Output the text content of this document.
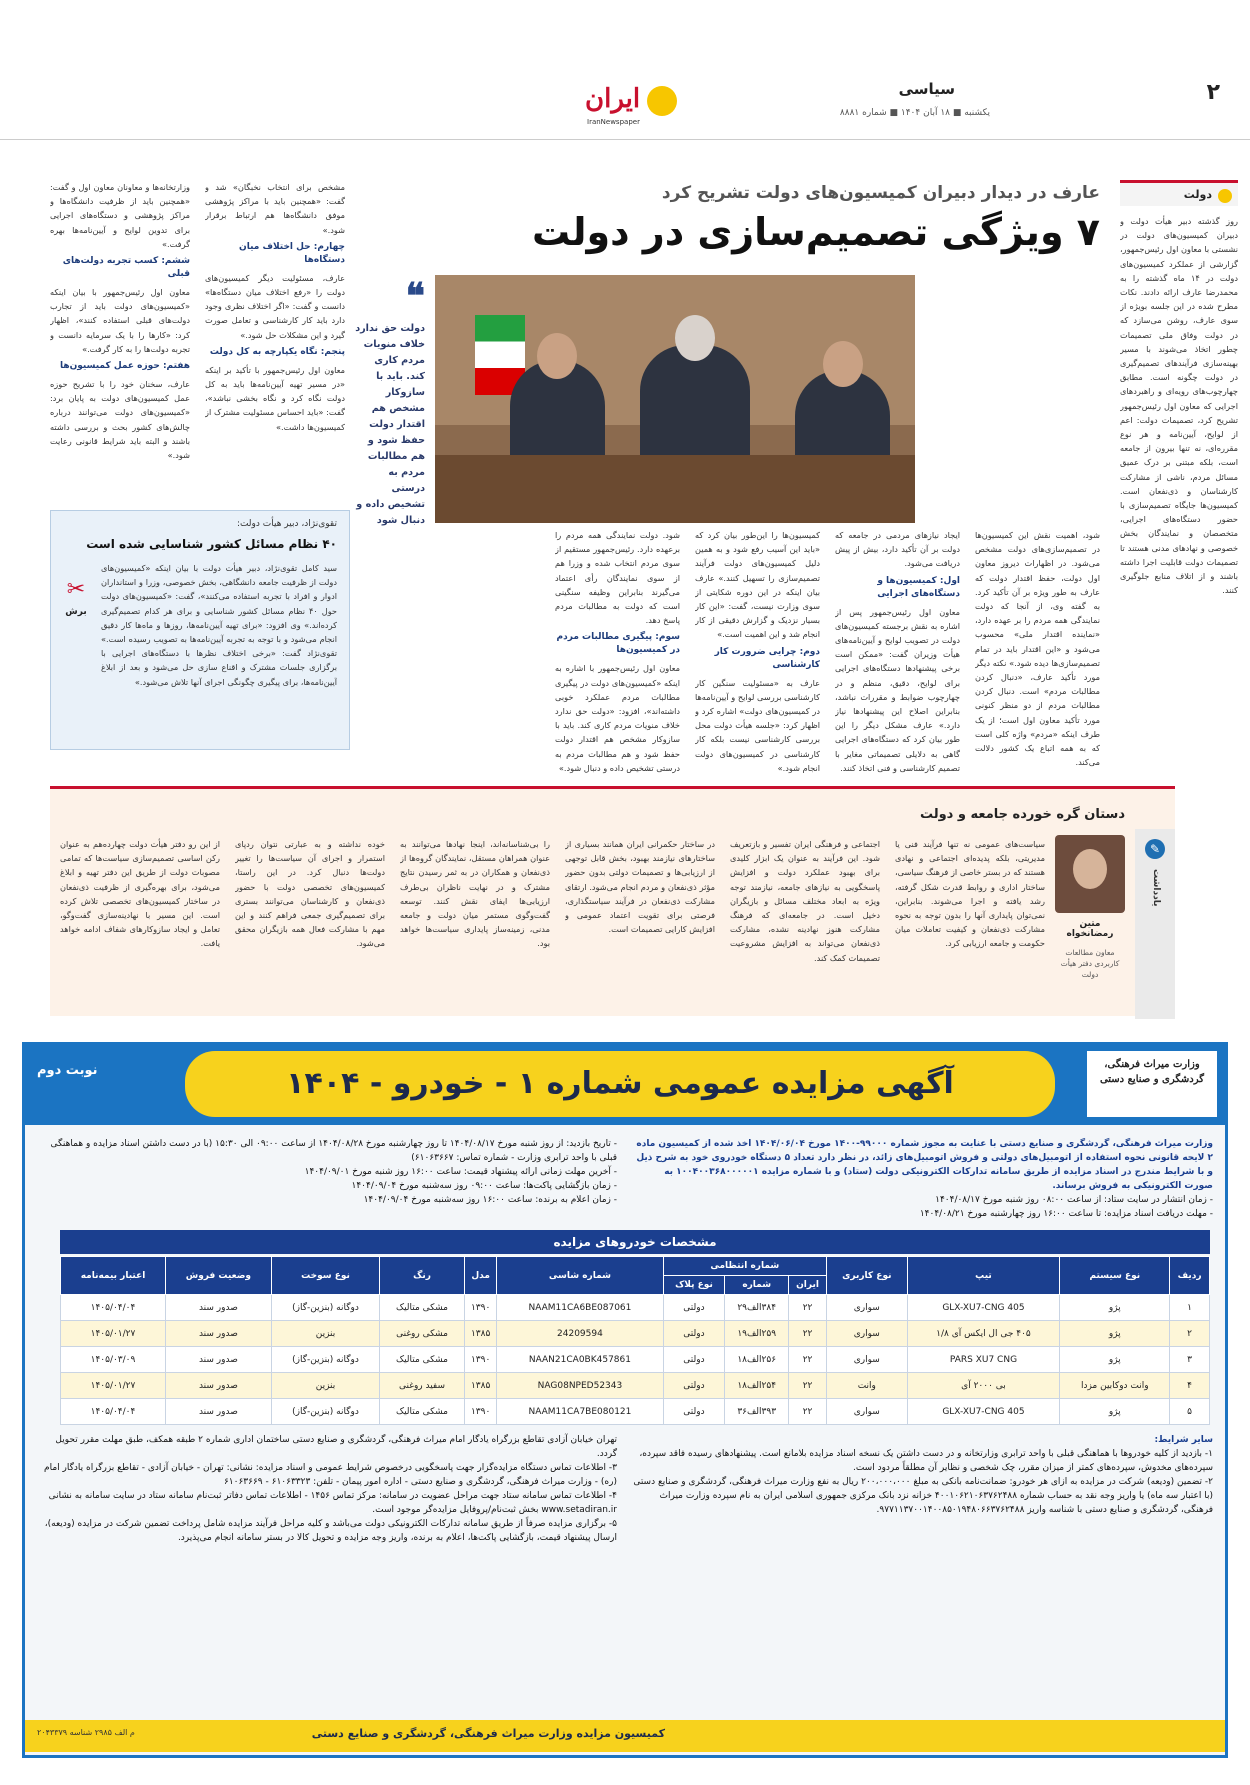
۲
سیاسی
یکشنبه ■ ۱۸ آبان ۱۴۰۴ ■ شماره ۸۸۸۱
ایران
IranNewspaper
دولت
روز گذشته دبیر هیأت دولت و دبیران کمیسیون‌های دولت در نشستی با معاون اول رئیس‌جمهور، گزارشی از عملکرد کمیسیون‌های دولت در ۱۴ ماه گذشته را به محمدرضا عارف ارائه دادند. نکات مطرح شده در این جلسه بویژه از سوی عارف، روشن می‌سازد که در دولت وفاق ملی تصمیمات چطور اتخاذ می‌شوند با مسیر بهینه‌سازی فرآیندهای تصمیم‌گیری در دولت چگونه است. مطابق چهارچوب‌های رویه‌ای و راهبردهای اجرایی که معاون اول رئیس‌جمهور تشریح کرد، تصمیمات دولت: اعم از لوایح، آیین‌نامه و هر نوع مقرره‌ای، نه تنها بیرون از جامعه است، بلکه مبتنی بر درک عمیق مسائل مردم، ناشی از مشارکت کارشناسان و ذی‌نفعان است. کمیسیون‌ها جایگاه تصمیم‌سازی با حضور دستگاه‌های اجرایی، متخصصان و نمایندگان بخش خصوصی و نهادهای مدنی هستند تا تصمیمات دولت قابلیت اجرا داشته باشند و از اتلاف منابع جلوگیری کنند.
عارف در دیدار دبیران کمیسیون‌های دولت تشریح کرد
۷ ویژگی تصمیم‌سازی در دولت
❝
دولت حق ندارد خلاف منویات مردم کاری کند. باید با سازوکار مشخص هم اقتدار دولت حفظ شود و هم مطالبات مردم به درستی تشخیص داده و دنبال شود
شود، اهمیت نقش این کمیسیون‌ها در تصمیم‌سازی‌های دولت مشخص می‌شود. در اظهارات دیروز معاون اول دولت، حفظ اقتدار دولت که عارف به طور ویژه بر آن تأکید کرد. به گفته وی، از آنجا که دولت نمایندگی همه مردم را بر عهده دارد، «نماینده اقتدار ملی» محسوب می‌شود و «این اقتدار باید در تمام تصمیم‌سازی‌ها دیده شود.» نکته دیگر مورد تأکید عارف، «دنبال کردن مطالبات مردم» است. دنبال کردن مطالبات مردم از دو منظر کنونی مورد تأکید معاون اول است؛ از یک طرف اینکه «مردم» واژه کلی است که به همه اتباع یک کشور دلالت می‌کند.
ایجاد نیازهای مردمی در جامعه که دولت بر آن تأکید دارد، بیش از پیش دریافت می‌شود.
اول: کمیسیون‌ها و دستگاه‌های اجرایی
معاون اول رئیس‌جمهور پس از اشاره به نقش برجسته کمیسیون‌های دولت در تصویب لوایح و آیین‌نامه‌های هیأت وزیران گفت: «ممکن است برخی پیشنهادها دستگاه‌های اجرایی برای لوایح، دقیق، منظم و در چهارچوب ضوابط و مقررات نباشد، بنابراین اصلاح این پیشنهادها نیاز دارد.» عارف مشکل دیگر را این طور بیان کرد که دستگاه‌های اجرایی گاهی به دلایلی تصمیماتی مغایر با تصمیم کارشناسی و فنی اتخاذ کنند.
کمیسیون‌ها را این‌طور بیان کرد که «باید این آسیب رفع شود و به همین دلیل کمیسیون‌های دولت فرآیند تصمیم‌سازی را تسهیل کنند.» عارف بیان اینکه در این دوره شکایتی از سوی وزارت نیست، گفت: «این کار بسیار نزدیک و گزارش دقیقی از کار انجام شد و این اهمیت است.»
دوم: چرایی ضرورت کار کارشناسی
عارف به «مسئولیت سنگین کار کارشناسی بررسی لوایح و آیین‌نامه‌ها در کمیسیون‌های دولت» اشاره کرد و اظهار کرد: «جلسه هیأت دولت محل بررسی کارشناسی نیست بلکه کار کارشناسی در کمیسیون‌های دولت انجام شود.»
شود. دولت نمایندگی همه مردم را برعهده دارد. رئیس‌جمهور مستقیم از سوی مردم انتخاب شده و وزرا هم از سوی نمایندگان رأی اعتماد می‌گیرند بنابراین وظیفه سنگینی است که دولت به مطالبات مردم پاسخ دهد.
سوم: پیگیری مطالبات مردم در کمیسیون‌ها
معاون اول رئیس‌جمهور با اشاره به اینکه «کمیسیون‌های دولت در پیگیری مطالبات مردم عملکرد خوبی داشته‌اند»، افزود: «دولت حق ندارد خلاف منویات مردم کاری کند. باید با سازوکار مشخص هم اقتدار دولت حفظ شود و هم مطالبات مردم به درستی تشخیص داده و دنبال شود.»
وزارتخانه‌ها و معاونان معاون اول و گفت: «همچنین باید از ظرفیت دانشگاه‌ها و مراکز پژوهشی و دستگاه‌های اجرایی برای تدوین لوایح و آیین‌نامه‌ها بهره گرفت.»
ششم: کسب تجربه دولت‌های قبلی
معاون اول رئیس‌جمهور با بیان اینکه «کمیسیون‌های دولت باید از تجارب دولت‌های قبلی استفاده کنند»، اظهار کرد: «کارها را با یک سرمایه دانست و تجربه دولت‌ها را به کار گرفت.»
هفتم: حوزه عمل کمیسیون‌ها
عارف، سخنان خود را با تشریح حوزه عمل کمیسیون‌های دولت به پایان برد: «کمیسیون‌های دولت می‌توانند درباره چالش‌های کشور بحث و بررسی داشته باشند و البته باید شرایط قانونی رعایت شود.»
مشخص برای انتخاب نخبگان» شد و گفت: «همچنین باید با مراکز پژوهشی موفق دانشگاه‌ها هم ارتباط برقرار شود.»
چهارم: حل اختلاف میان دستگاه‌ها
عارف، مسئولیت دیگر کمیسیون‌های دولت را «رفع اختلاف میان دستگاه‌ها» دانست و گفت: «اگر اختلاف نظری وجود دارد باید کار کارشناسی و تعامل صورت گیرد و این مشکلات حل شود.»
پنجم: نگاه یکپارچه به کل دولت
معاون اول رئیس‌جمهور با تأکید بر اینکه «در مسیر تهیه آیین‌نامه‌ها باید به کل دولت نگاه کرد و نگاه بخشی نباشد»، گفت: «باید احساس مسئولیت مشترک از کمیسیون‌ها داشت.»
تقوی‌نژاد، دبیر هیأت دولت:
۴۰ نظام مسائل کشور شناسایی شده است
سید کامل تقوی‌نژاد، دبیر هیأت دولت با بیان اینکه «کمیسیون‌های دولت از ظرفیت جامعه دانشگاهی، بخش خصوصی، وزرا و استانداران ادوار و افراد با تجربه استفاده می‌کنند»، گفت: «کمیسیون‌های دولت حول ۴۰ نظام مسائل کشور شناسایی و برای هر کدام تصمیم‌گیری کرده‌اند.» وی افزود: «برای تهیه آیین‌نامه‌ها، روزها و ماه‌ها کار دقیق انجام می‌شود و با توجه به تجربه آیین‌نامه‌ها به تصویب رسیده است.» تقوی‌نژاد گفت: «برخی اختلاف نظرها با دستگاه‌های اجرایی با برگزاری جلسات مشترک و اقناع سازی حل می‌شود و بعد از ابلاغ آیین‌نامه‌ها، برای پیگیری چگونگی اجرای آنها تلاش می‌شود.»
✂
برش
✎
یادداشت
دستان گره خورده جامعه و دولت
متین رمضانخواه
معاون مطالعات کاربردی دفتر هیأت دولت
سیاست‌های عمومی نه تنها فرآیند فنی یا مدیریتی، بلکه پدیده‌ای اجتماعی و نهادی هستند که در بستر خاصی از فرهنگ سیاسی، ساختار اداری و روابط قدرت شکل گرفته، رشد یافته و اجرا می‌شوند. بنابراین، نمی‌توان پایداری آنها را بدون توجه به نحوه مشارکت ذی‌نفعان و کیفیت تعاملات میان حکومت و جامعه ارزیابی کرد.
اجتماعی و فرهنگی ایران تفسیر و بازتعریف شود. این فرآیند به عنوان یک ابزار کلیدی برای بهبود عملکرد دولت و افزایش پاسخگویی به نیازهای جامعه، نیازمند توجه ویژه به ابعاد مختلف مسائل و بازیگران دخیل است. در جامعه‌ای که فرهنگ مشارکت هنوز نهادینه نشده، مشارکت ذی‌نفعان می‌تواند به افزایش مشروعیت تصمیمات کمک کند.
در ساختار حکمرانی ایران همانند بسیاری از ساختارهای نیازمند بهبود، بخش قابل توجهی از ارزیابی‌ها و تصمیمات دولتی بدون حضور مؤثر ذی‌نفعان و مردم انجام می‌شود. ارتقای مشارکت ذی‌نفعان در فرآیند سیاستگذاری، فرصتی برای تقویت اعتماد عمومی و افزایش کارایی تصمیمات است.
را بی‌شناسانه‌اند، اینجا نهادها می‌توانند به عنوان همراهان مستقل، نمایندگان گروه‌ها از ذی‌نفعان و همکاران در به ثمر رسیدن نتایج مشترک و در نهایت ناظران بی‌طرف ارزیابی‌ها ایفای نقش کنند. توسعه گفت‌وگوی مستمر میان دولت و جامعه مدنی، زمینه‌ساز پایداری سیاست‌ها خواهد بود.
خوده نداشته و به عبارتی نتوان ردپای استمرار و اجرای آن سیاست‌ها را تغییر دولت‌ها دنبال کرد. در این راستا، کمیسیون‌های تخصصی دولت با حضور ذی‌نفعان و کارشناسان می‌توانند بستری برای تصمیم‌گیری جمعی فراهم کنند و این مهم با مشارکت فعال همه بازیگران محقق می‌شود.
از این رو دفتر هیأت دولت چهارده‌هم به عنوان رکن اساسی تصمیم‌سازی سیاست‌ها که تمامی مصوبات دولت از طریق این دفتر تهیه و ابلاغ می‌شود، برای بهره‌گیری از ظرفیت ذی‌نفعان در ساختار کمیسیون‌های تخصصی تلاش کرده است. این مسیر با نهادینه‌سازی گفت‌وگو، تعامل و ایجاد سازوکارهای شفاف ادامه خواهد یافت.
نوبت دوم	آگهی مزایده عمومی شماره ۱ - خودرو - ۱۴۰۴
وزارت میراث فرهنگی، گردشگری و صنایع دستی
وزارت میراث فرهنگی، گردشگری و صنایع دستی با عنایت به مجوز شماره ۹۹۰۰۰-۱۴۰۰ مورخ ۱۴۰۴/۰۶/۰۴ اخذ شده از کمیسیون ماده ۲ لایحه قانونی نحوه استفاده از اتومبیل‌های دولتی و فروش اتومبیل‌های زائد، در نظر دارد تعداد ۵ دستگاه خودروی خود به شرح ذیل و با شرایط مندرج در اسناد مزایده از طریق سامانه تدارکات الکترونیکی دولت (ستاد) و با شماره مزایده ۱۰۰۴۰۰۳۶۸۰۰۰۰۰۱ به صورت الکترونیکی به فروش برساند.
- زمان انتشار در سایت ستاد: از ساعت ۰۸:۰۰ روز شنبه مورخ ۱۴۰۴/۰۸/۱۷
- مهلت دریافت اسناد مزایده: تا ساعت ۱۶:۰۰ روز چهارشنبه مورخ ۱۴۰۴/۰۸/۲۱
- تاریخ بازدید: از روز شنبه مورخ ۱۴۰۴/۰۸/۱۷ تا روز چهارشنبه مورخ ۱۴۰۴/۰۸/۲۸ از ساعت ۰۹:۰۰ الی ۱۵:۳۰ (با در دست داشتن اسناد مزایده و هماهنگی قبلی با واحد ترابری وزارت - شماره تماس: ۶۱۰۶۳۶۶۷)
- آخرین مهلت زمانی ارائه پیشنهاد قیمت: ساعت ۱۶:۰۰ روز شنبه مورخ ۱۴۰۴/۰۹/۰۱
- زمان بازگشایی پاکت‌ها: ساعت ۰۹:۰۰ روز سه‌شنبه مورخ ۱۴۰۴/۰۹/۰۴
- زمان اعلام به برنده: ساعت ۱۶:۰۰ روز سه‌شنبه مورخ ۱۴۰۴/۰۹/۰۴
سایر شرایط:
۱- بازدید از کلیه خودروها با هماهنگی قبلی با واحد ترابری وزارتخانه و در دست داشتن یک نسخه اسناد مزایده بلامانع است. پیشنهادهای رسیده فاقد سپرده، سپرده‌های مخدوش، سپرده‌های کمتر از میزان مقرر، چک شخصی و نظایر آن مطلقاً مردود است.
۲- تضمین (ودیعه) شرکت در مزایده به ازای هر خودرو: ضمانت‌نامه بانکی به مبلغ ۲۰۰،۰۰۰،۰۰۰ ریال به نفع وزارت میراث فرهنگی، گردشگری و صنایع دستی (با اعتبار سه ماه) یا واریز وجه نقد به حساب شماره ۴۰۰۱۰۶۲۱۰۶۳۷۶۲۴۸۸ خزانه نزد بانک مرکزی جمهوری اسلامی ایران به نام سپرده وزارت میراث فرهنگی، گردشگری و صنایع دستی با شناسه واریز ۹۷۷۱۱۳۷۰۰۱۴۰۰۸۵۰۱۹۴۸۰۶۶۳۷۶۲۴۸۸.
تهران خیابان آزادی تقاطع بزرگراه یادگار امام میراث فرهنگی، گردشگری و صنایع دستی ساختمان اداری شماره ۲ طبقه همکف، طبق مهلت مقرر تحویل گردد.
۳- اطلاعات تماس دستگاه مزایده‌گزار جهت پاسخگویی درخصوص شرایط عمومی و اسناد مزایده: نشانی: تهران - خیابان آزادی - تقاطع بزرگراه یادگار امام (ره) - وزارت میراث فرهنگی، گردشگری و صنایع دستی - اداره امور پیمان - تلفن: ۶۱۰۶۳۳۲۳ - ۶۱۰۶۳۶۶۹
۴- اطلاعات تماس سامانه ستاد جهت مراحل عضویت در سامانه: مرکز تماس ۱۴۵۶ - اطلاعات تماس دفاتر ثبت‌نام سامانه ستاد در سایت سامانه به نشانی www.setadiran.ir بخش ثبت‌نام/پروفایل مزایده‌گر موجود است.
۵- برگزاری مزایده صرفاً از طریق سامانه تدارکات الکترونیکی دولت می‌باشد و کلیه مراحل فرآیند مزایده شامل پرداخت تضمین شرکت در مزایده (ودیعه)، ارسال پیشنهاد قیمت، بازگشایی پاکت‌ها، اعلام به برنده، واریز وجه مزایده و تحویل کالا در بستر سامانه انجام می‌پذیرد.
مشخصات خودروهای مزایده
ردیف	نوع سیستم	تیپ	نوع کاربری	شماره انتظامی			شماره شاسی	مدل	رنگ	نوع سوخت	وضعیت فروش	اعتبار بیمه‌نامه
				ایران	شماره	نوع پلاک						
۱	پژو	405 GLX-XU7-CNG	سواری	۲۲	۳۸۴الف۲۹	دولتی	NAAM11CA6BE087061	۱۳۹۰	مشکی متالیک	دوگانه (بنزین-گاز)	صدور سند	۱۴۰۵/۰۴/۰۴
۲	پژو	۴۰۵ جی ال ایکس آی ۱/۸	سواری	۲۲	۲۵۹الف۱۹	دولتی	24209594	۱۳۸۵	مشکی روغنی	بنزین	صدور سند	۱۴۰۵/۰۱/۲۷
۳	پژو	PARS XU7 CNG	سواری	۲۲	۲۵۶الف۱۸	دولتی	NAAN21CA0BK457861	۱۳۹۰	مشکی متالیک	دوگانه (بنزین-گاز)	صدور سند	۱۴۰۵/۰۳/۰۹
۴	وانت دوکابین مزدا	بی ۲۰۰۰ آی	وانت	۲۲	۲۵۴الف۱۸	دولتی	NAG08NPED52343	۱۳۸۵	سفید روغنی	بنزین	صدور سند	۱۴۰۵/۰۱/۲۷
۵	پژو	405 GLX-XU7-CNG	سواری	۲۲	۳۹۳الف۳۶	دولتی	NAAM11CA7BE080121	۱۳۹۰	مشکی متالیک	دوگانه (بنزین-گاز)	صدور سند	۱۴۰۵/۰۴/۰۴
کمیسیون مزایده وزارت میراث فرهنگی، گردشگری و صنایع دستی
م الف ۲۹۸۵ شناسه ۲۰۴۳۳۷۹
